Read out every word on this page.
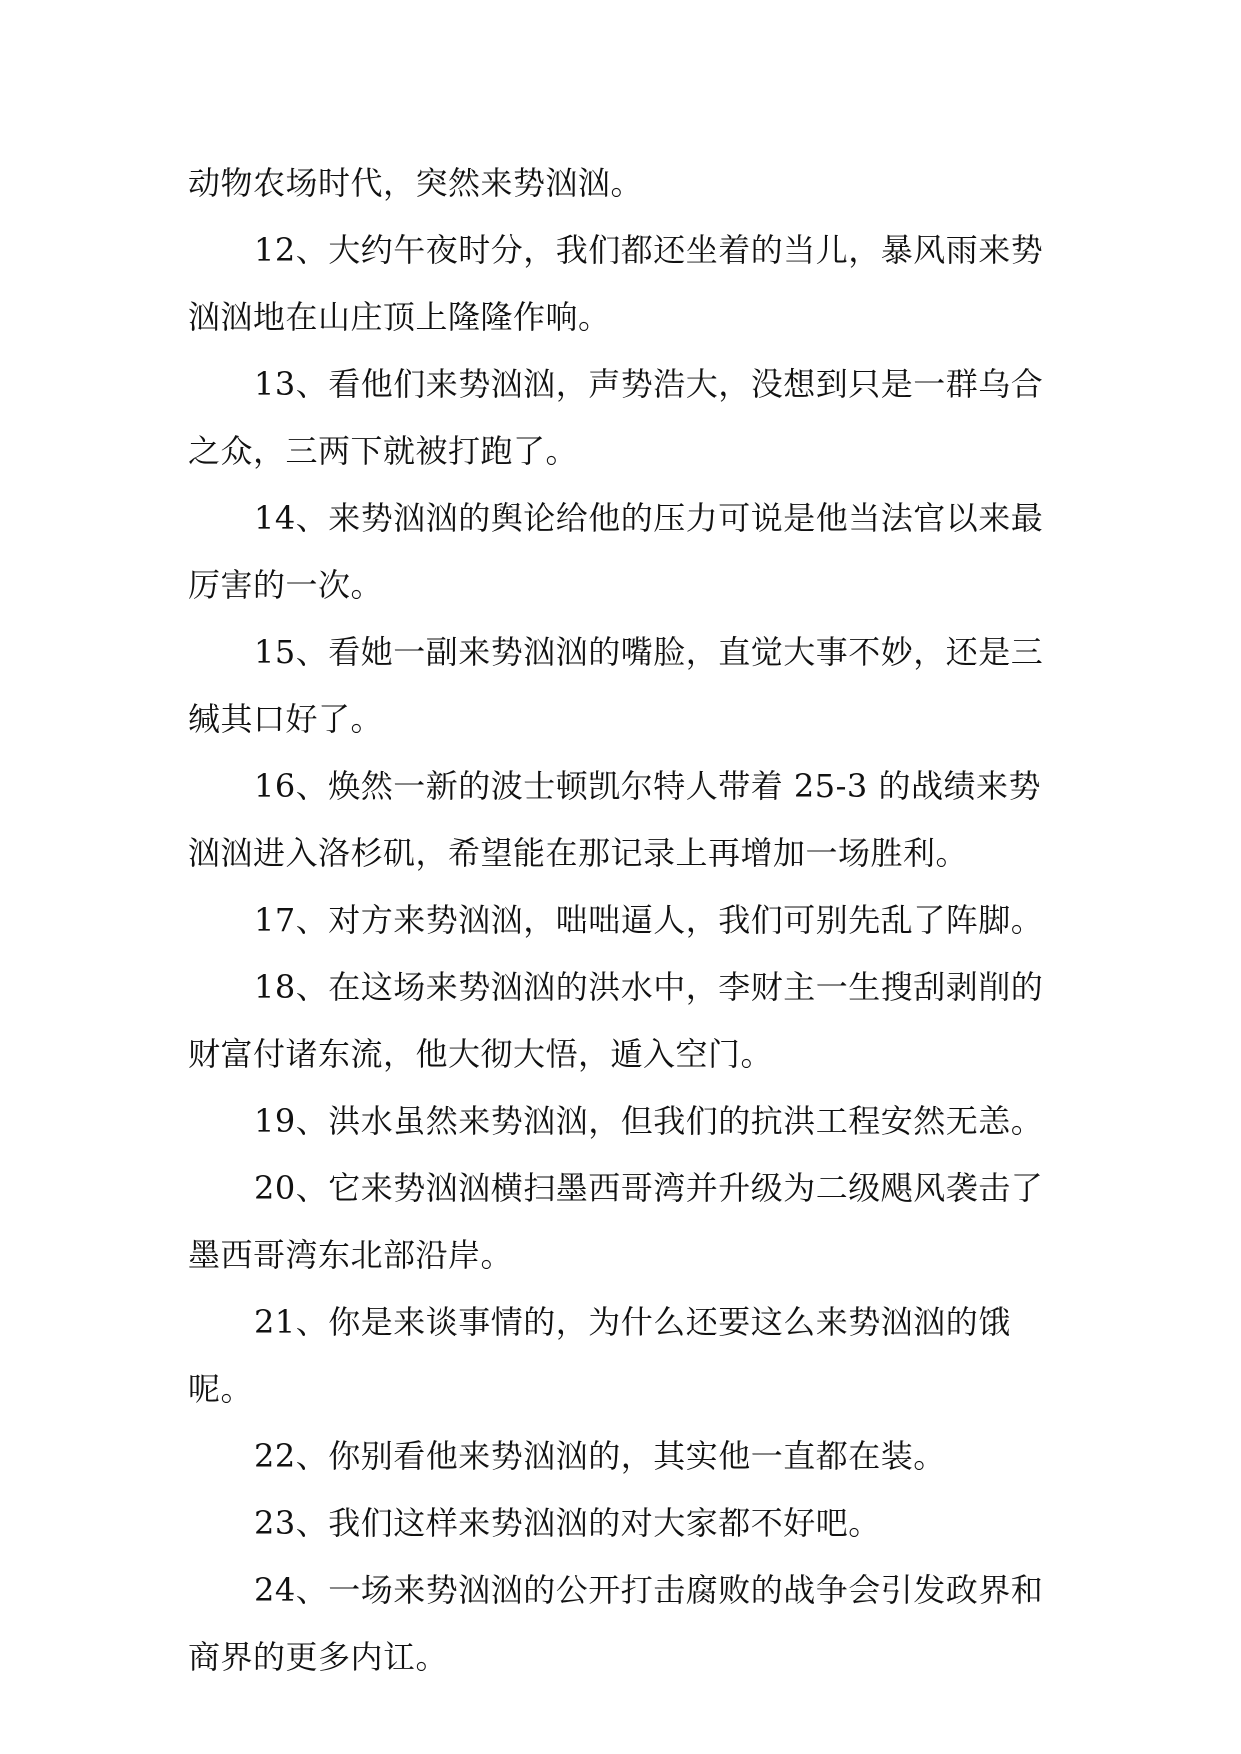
动物农场时代，突然来势汹汹。

12、大约午夜时分，我们都还坐着的当儿，暴风雨来势汹汹地在山庄顶上隆隆作响。

13、看他们来势汹汹，声势浩大，没想到只是一群乌合之众，三两下就被打跑了。

14、来势汹汹的舆论给他的压力可说是他当法官以来最厉害的一次。

15、看她一副来势汹汹的嘴脸，直觉大事不妙，还是三缄其口好了。

16、焕然一新的波士顿凯尔特人带着 25-3 的战绩来势汹汹进入洛杉矶，希望能在那记录上再增加一场胜利。

17、对方来势汹汹，咄咄逼人，我们可别先乱了阵脚。

18、在这场来势汹汹的洪水中，李财主一生搜刮剥削的财富付诸东流，他大彻大悟，遁入空门。

19、洪水虽然来势汹汹，但我们的抗洪工程安然无恙。

20、它来势汹汹横扫墨西哥湾并升级为二级飓风袭击了墨西哥湾东北部沿岸。

21、你是来谈事情的，为什么还要这么来势汹汹的饿呢。

22、你别看他来势汹汹的，其实他一直都在装。

23、我们这样来势汹汹的对大家都不好吧。

24、一场来势汹汹的公开打击腐败的战争会引发政界和商界的更多内讧。
